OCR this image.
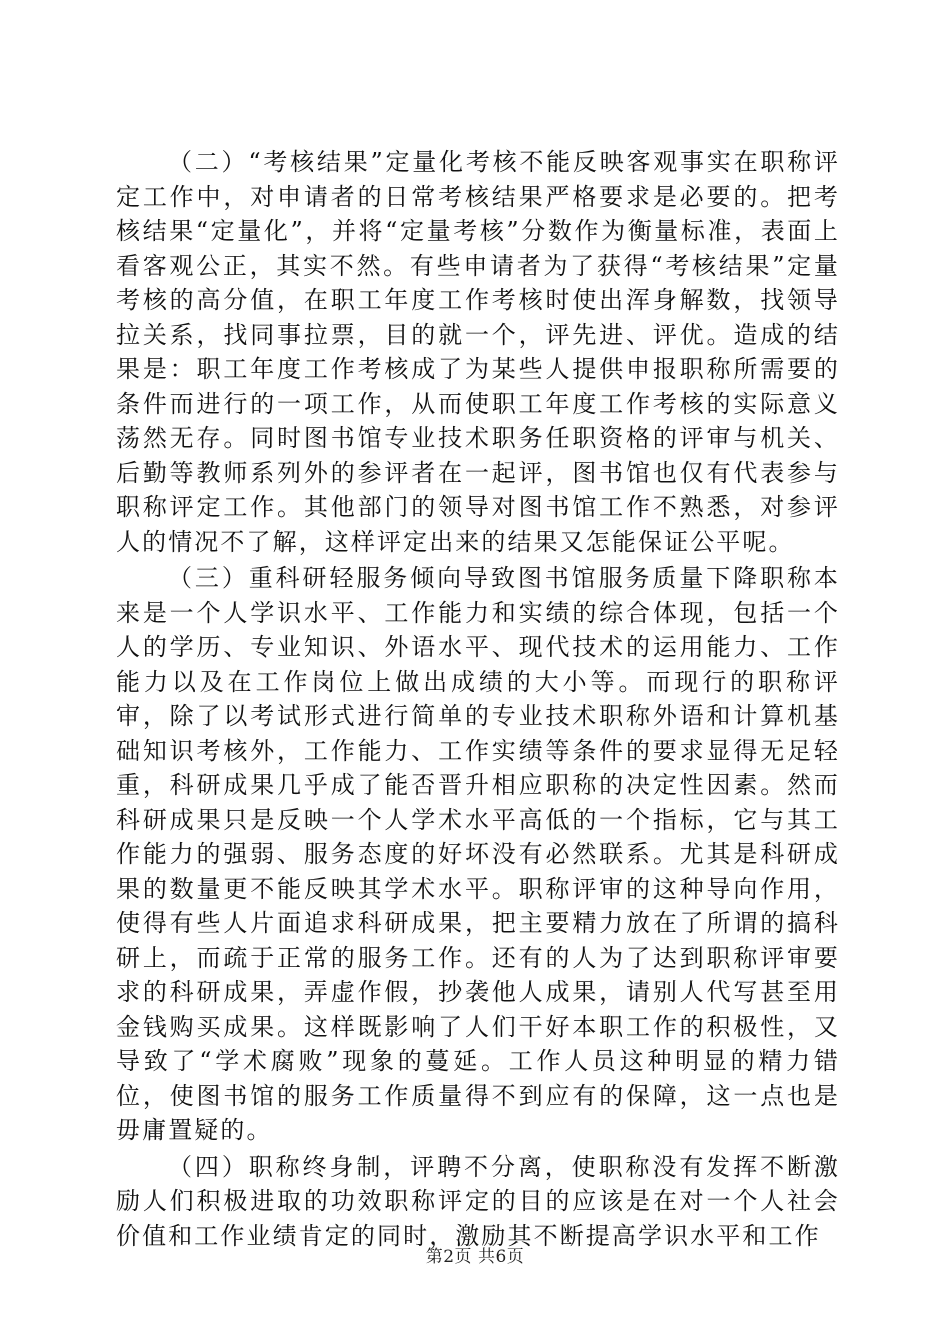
（二）“考核结果”定量化考核不能反映客观事实在职称评定工作中，对申请者的日常考核结果严格要求是必要的。把考核结果“定量化”，并将“定量考核”分数作为衡量标准，表面上看客观公正，其实不然。有些申请者为了获得“考核结果”定量考核的高分值，在职工年度工作考核时使出浑身解数，找领导拉关系，找同事拉票，目的就一个，评先进、评优。造成的结果是：职工年度工作考核成了为某些人提供申报职称所需要的条件而进行的一项工作，从而使职工年度工作考核的实际意义荡然无存。同时图书馆专业技术职务任职资格的评审与机关、后勤等教师系列外的参评者在一起评，图书馆也仅有代表参与职称评定工作。其他部门的领导对图书馆工作不熟悉，对参评人的情况不了解，这样评定出来的结果又怎能保证公平呢。

（三）重科研轻服务倾向导致图书馆服务质量下降职称本来是一个人学识水平、工作能力和实绩的综合体现，包括一个人的学历、专业知识、外语水平、现代技术的运用能力、工作能力以及在工作岗位上做出成绩的大小等。而现行的职称评审，除了以考试形式进行简单的专业技术职称外语和计算机基础知识考核外，工作能力、工作实绩等条件的要求显得无足轻重，科研成果几乎成了能否晋升相应职称的决定性因素。然而科研成果只是反映一个人学术水平高低的一个指标，它与其工作能力的强弱、服务态度的好坏没有必然联系。尤其是科研成果的数量更不能反映其学术水平。职称评审的这种导向作用，使得有些人片面追求科研成果，把主要精力放在了所谓的搞科研上，而疏于正常的服务工作。还有的人为了达到职称评审要求的科研成果，弄虚作假，抄袭他人成果，请别人代写甚至用金钱购买成果。这样既影响了人们干好本职工作的积极性，又导致了“学术腐败”现象的蔓延。工作人员这种明显的精力错位，使图书馆的服务工作质量得不到应有的保障，这一点也是毋庸置疑的。

（四）职称终身制，评聘不分离，使职称没有发挥不断激励人们积极进取的功效职称评定的目的应该是在对一个人社会价值和工作业绩肯定的同时，激励其不断提高学识水平和工作

第2页 共6页
